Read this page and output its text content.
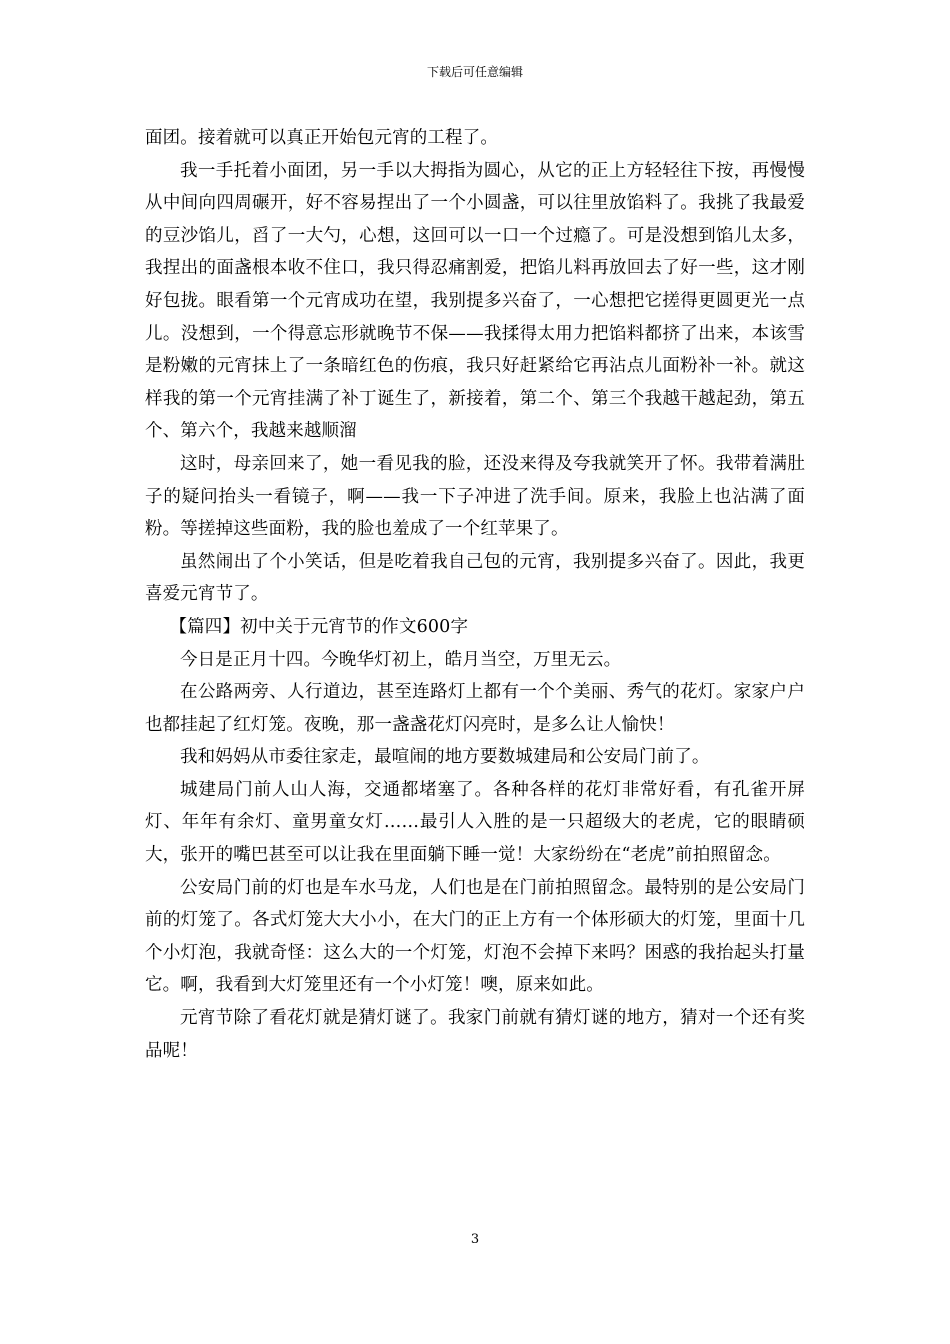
下载后可任意编辑

面团。接着就可以真正开始包元宵的工程了。

我一手托着小面团，另一手以大拇指为圆心，从它的正上方轻轻往下按，再慢慢从中间向四周碾开，好不容易捏出了一个小圆盏，可以往里放馅料了。我挑了我最爱的豆沙馅儿，舀了一大勺，心想，这回可以一口一个过瘾了。可是没想到馅儿太多，我捏出的面盏根本收不住口，我只得忍痛割爱，把馅儿料再放回去了好一些，这才刚好包拢。眼看第一个元宵成功在望，我别提多兴奋了，一心想把它搓得更圆更光一点儿。没想到，一个得意忘形就晚节不保——我揉得太用力把馅料都挤了出来，本该雪是粉嫩的元宵抹上了一条暗红色的伤痕，我只好赶紧给它再沾点儿面粉补一补。就这样我的第一个元宵挂满了补丁诞生了，新接着，第二个、第三个我越干越起劲，第五个、第六个，我越来越顺溜

这时，母亲回来了，她一看见我的脸，还没来得及夸我就笑开了怀。我带着满肚子的疑问抬头一看镜子，啊——我一下子冲进了洗手间。原来，我脸上也沾满了面粉。等搓掉这些面粉，我的脸也羞成了一个红苹果了。

虽然闹出了个小笑话，但是吃着我自己包的元宵，我别提多兴奋了。因此，我更喜爱元宵节了。

【篇四】初中关于元宵节的作文600字

今日是正月十四。今晚华灯初上，皓月当空，万里无云。

在公路两旁、人行道边，甚至连路灯上都有一个个美丽、秀气的花灯。家家户户也都挂起了红灯笼。夜晚，那一盏盏花灯闪亮时，是多么让人愉快！

我和妈妈从市委往家走，最喧闹的地方要数城建局和公安局门前了。

城建局门前人山人海，交通都堵塞了。各种各样的花灯非常好看，有孔雀开屏灯、年年有余灯、童男童女灯……最引人入胜的是一只超级大的老虎，它的眼睛硕大，张开的嘴巴甚至可以让我在里面躺下睡一觉！大家纷纷在“老虎”前拍照留念。

公安局门前的灯也是车水马龙，人们也是在门前拍照留念。最特别的是公安局门前的灯笼了。各式灯笼大大小小，在大门的正上方有一个体形硕大的灯笼，里面十几个小灯泡，我就奇怪：这么大的一个灯笼，灯泡不会掉下来吗？困惑的我抬起头打量它。啊，我看到大灯笼里还有一个小灯笼！噢，原来如此。

元宵节除了看花灯就是猜灯谜了。我家门前就有猜灯谜的地方，猜对一个还有奖品呢！

3
